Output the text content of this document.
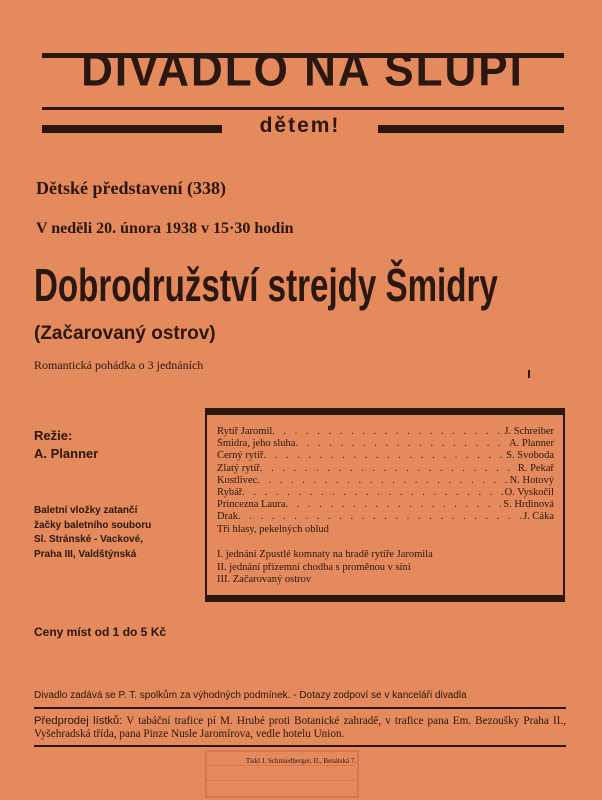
DIVADLO NA SLUPI
dětem!
Dětské představení (338)
V neděli 20. února 1938 v 15·30 hodin
Dobrodružství strejdy Šmidry
(Začarovaný ostrov)
Romantická pohádka o 3 jednáních
Režie:
A. Planner
Baletní vložky zatančí
žačky baletního souboru
Sl. Stránské - Vackové,
Praha III, Valdštýnská
Rytíř Jaromil . . .	J. Schreiber
Šmidra, jeho sluha . . .	A. Planner
Černý rytíř . . .	S. Svoboda
Zlatý rytíř . . .	R. Pekař
Kostlivec . . .	N. Hotový
Rybář . . .	O. Vyskočil
Princezna Laura . . .	S. Hrdinová
Drak . . .	J. Čáka
Tři hlasy, pekelných oblud
I. jednání Zpustlé komnaty na hradě rytíře Jaromila
II. jednání přízemní chodba s proměnou v síni
III. Začarovaný ostrov
Ceny míst od 1 do 5 Kč
Divadlo zadává se P. T. spolkům za výhodných podmínek. - Dotazy zodpoví se v kanceláři divadla
Předprodej lístků: V tabáční trafice pí M. Hrubé proti Botanické zahradě, v trafice pana Em. Bezoušky Praha II., Vyšehradská třída, pana Pinze Nusle Jaromírova, vedle hotelu Union.
Tiskl J. Schmiedberger, II., Benátská 7.
